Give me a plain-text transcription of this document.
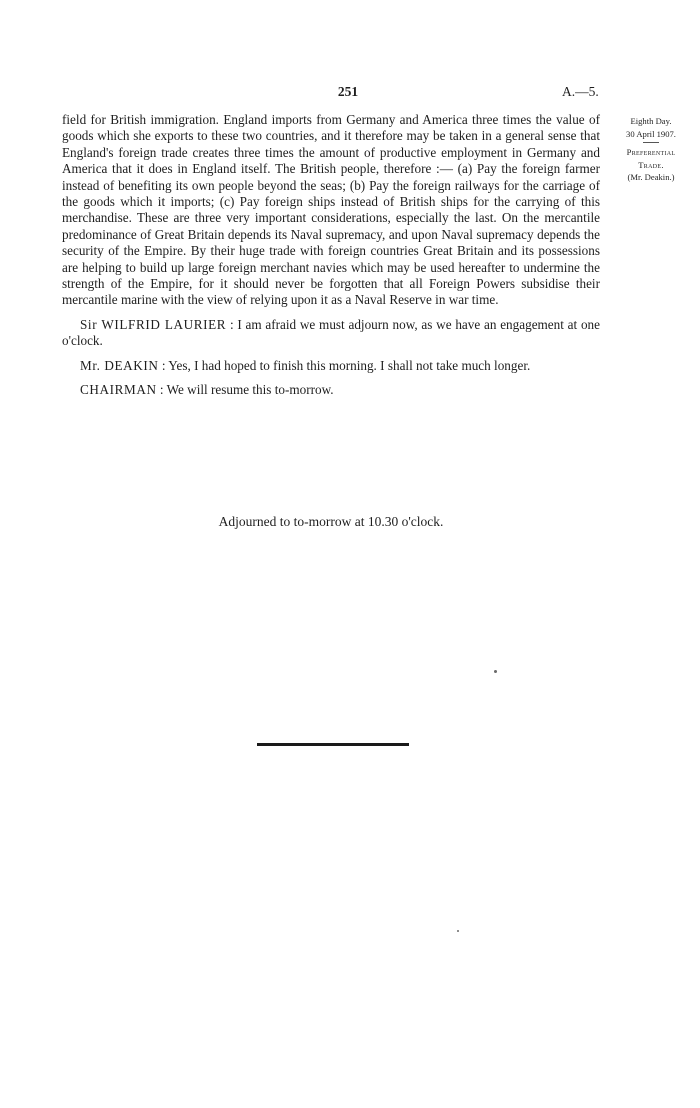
251	A.—5.
Eighth Day.
30 April 1907.
Preferential
Trade.
(Mr. Deakin.)

field for British immigration. England imports from Germany and America three times the value of goods which she exports to these two countries, and it therefore may be taken in a general sense that England's foreign trade creates three times the amount of productive employment in Germany and America that it does in England itself. The British people, therefore :— (a) Pay the foreign farmer instead of benefiting its own people beyond the seas; (b) Pay the foreign railways for the carriage of the goods which it imports; (c) Pay foreign ships instead of British ships for the carrying of this merchandise. These are three very important considerations, especially the last. On the mercantile predominance of Great Britain depends its Naval supremacy, and upon Naval supremacy depends the security of the Empire. By their huge trade with foreign countries Great Britain and its possessions are helping to build up large foreign merchant navies which may be used hereafter to undermine the strength of the Empire, for it should never be forgotten that all Foreign Powers subsidise their mercantile marine with the view of relying upon it as a Naval Reserve in war time.

Sir WILFRID LAURIER : I am afraid we must adjourn now, as we have an engagement at one o'clock.

Mr. DEAKIN : Yes, I had hoped to finish this morning. I shall not take much longer.

CHAIRMAN : We will resume this to-morrow.

Adjourned to to-morrow at 10.30 o'clock.
